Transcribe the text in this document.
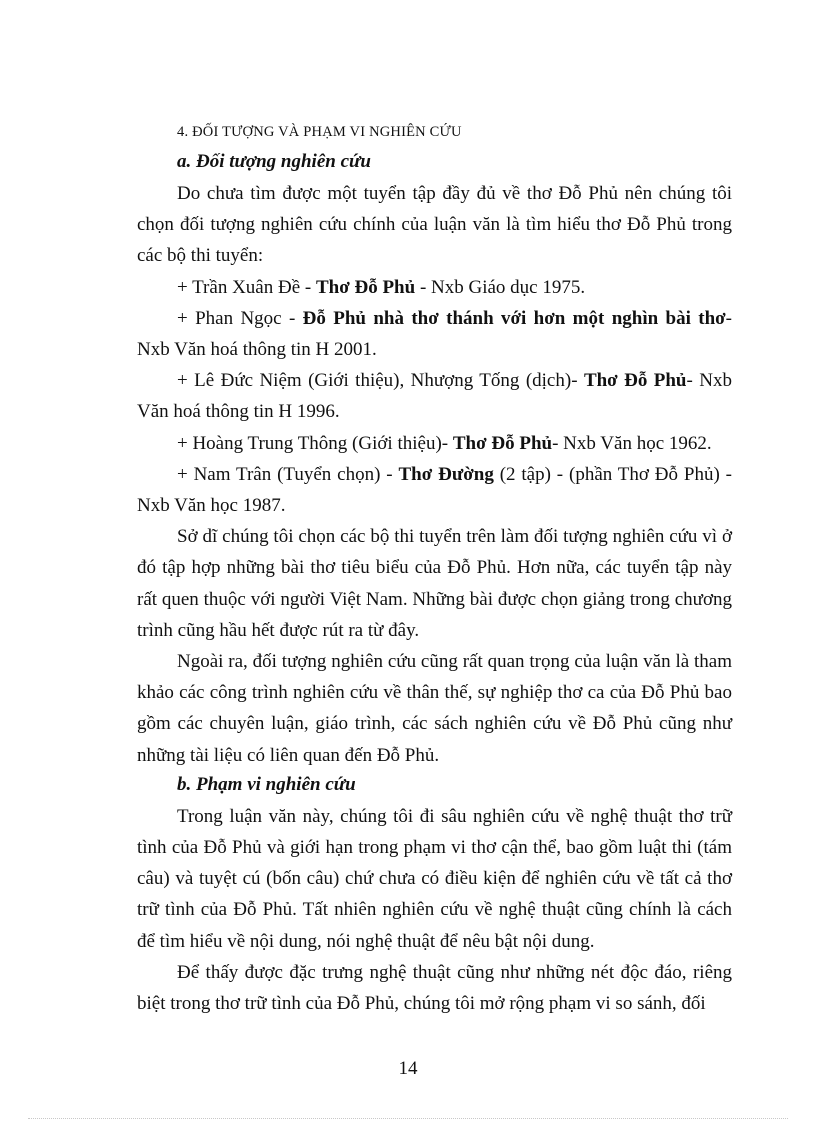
4. ĐỐI TƯỢNG VÀ PHẠM VI NGHIÊN CỨU
a. Đối tượng nghiên cứu

Do chưa tìm được một tuyển tập đầy đủ về thơ Đỗ Phủ nên chúng tôi chọn đối tượng nghiên cứu chính của luận văn là tìm hiểu thơ Đỗ Phủ trong các bộ thi tuyển:

+ Trần Xuân Đề - Thơ Đỗ Phủ - Nxb Giáo dục 1975.

+ Phan Ngọc - Đỗ Phủ nhà thơ thánh với hơn một nghìn bài thơ- Nxb Văn hoá thông tin H 2001.

+ Lê Đức Niệm (Giới thiệu), Nhượng Tống (dịch)- Thơ Đỗ Phủ- Nxb Văn hoá thông tin H 1996.

+ Hoàng Trung Thông (Giới thiệu)- Thơ Đỗ Phủ- Nxb Văn học 1962.

+ Nam Trân (Tuyển chọn) - Thơ Đường (2 tập) - (phần Thơ Đỗ Phủ) - Nxb Văn học 1987.

Sở dĩ chúng tôi chọn các bộ thi tuyển trên làm đối tượng nghiên cứu vì ở đó tập hợp những bài thơ tiêu biểu của Đỗ Phủ. Hơn nữa, các tuyển tập này rất quen thuộc với người Việt Nam. Những bài được chọn giảng trong chương trình cũng hầu hết được rút ra từ đây.

Ngoài ra, đối tượng nghiên cứu cũng rất quan trọng của luận văn là tham khảo các công trình nghiên cứu về thân thế, sự nghiệp thơ ca của Đỗ Phủ bao gồm các chuyên luận, giáo trình, các sách nghiên cứu về Đỗ Phủ cũng như những tài liệu có liên quan đến Đỗ Phủ.

b. Phạm vi nghiên cứu

Trong luận văn này, chúng tôi đi sâu nghiên cứu về nghệ thuật thơ trữ tình của Đỗ Phủ và giới hạn trong phạm vi thơ cận thể, bao gồm luật thi (tám câu) và tuyệt cú (bốn câu) chứ chưa có điều kiện để nghiên cứu về tất cả thơ trữ tình của Đỗ Phủ. Tất nhiên nghiên cứu về nghệ thuật cũng chính là cách để tìm hiểu về nội dung, nói nghệ thuật để nêu bật nội dung.

Để thấy được đặc trưng nghệ thuật cũng như những nét độc đáo, riêng biệt trong thơ trữ tình của Đỗ Phủ, chúng tôi mở rộng phạm vi so sánh, đối

14
